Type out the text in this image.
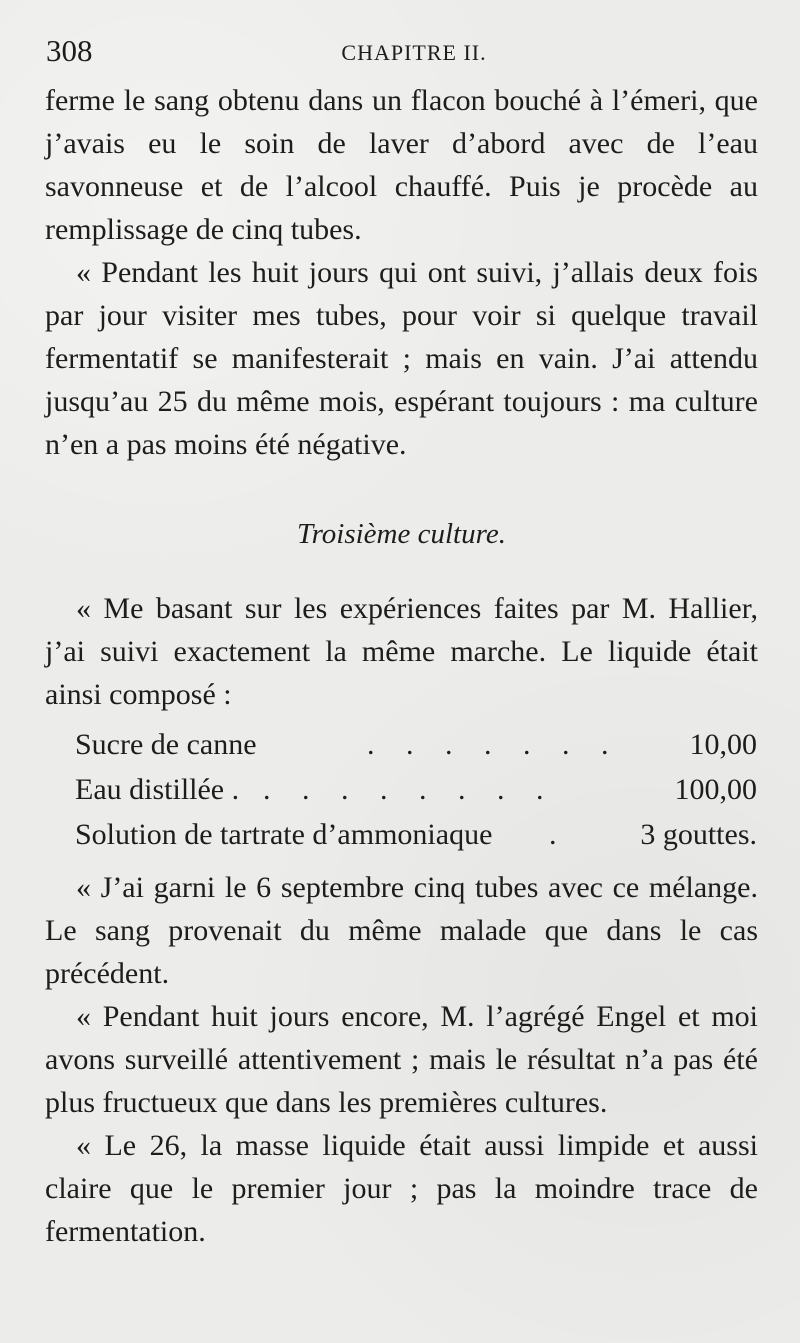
308	CHAPITRE II.

ferme le sang obtenu dans un flacon bouché à l’émeri, que j’avais eu le soin de laver d’abord avec de l’eau savonneuse et de l’alcool chauffé. Puis je procède au remplissage de cinq tubes.

« Pendant les huit jours qui ont suivi, j’allais deux fois par jour visiter mes tubes, pour voir si quelque travail fermentatif se manifesterait ; mais en vain. J’ai attendu jusqu’au 25 du même mois, espérant toujours : ma culture n’en a pas moins été négative.

Troisième culture.

« Me basant sur les expériences faites par M. Hallier, j’ai suivi exactement la même marche. Le liquide était ainsi composé :

Sucre de canne	. . . . . . .	10,00
Eau distillée . . . . . . . . .	100,00
Solution de tartrate d’ammoniaque .	3 gouttes.

« J’ai garni le 6 septembre cinq tubes avec ce mélange. Le sang provenait du même malade que dans le cas précédent.

« Pendant huit jours encore, M. l’agrégé Engel et moi avons surveillé attentivement ; mais le résultat n’a pas été plus fructueux que dans les premières cultures.

« Le 26, la masse liquide était aussi limpide et aussi claire que le premier jour ; pas la moindre trace de fermentation.
